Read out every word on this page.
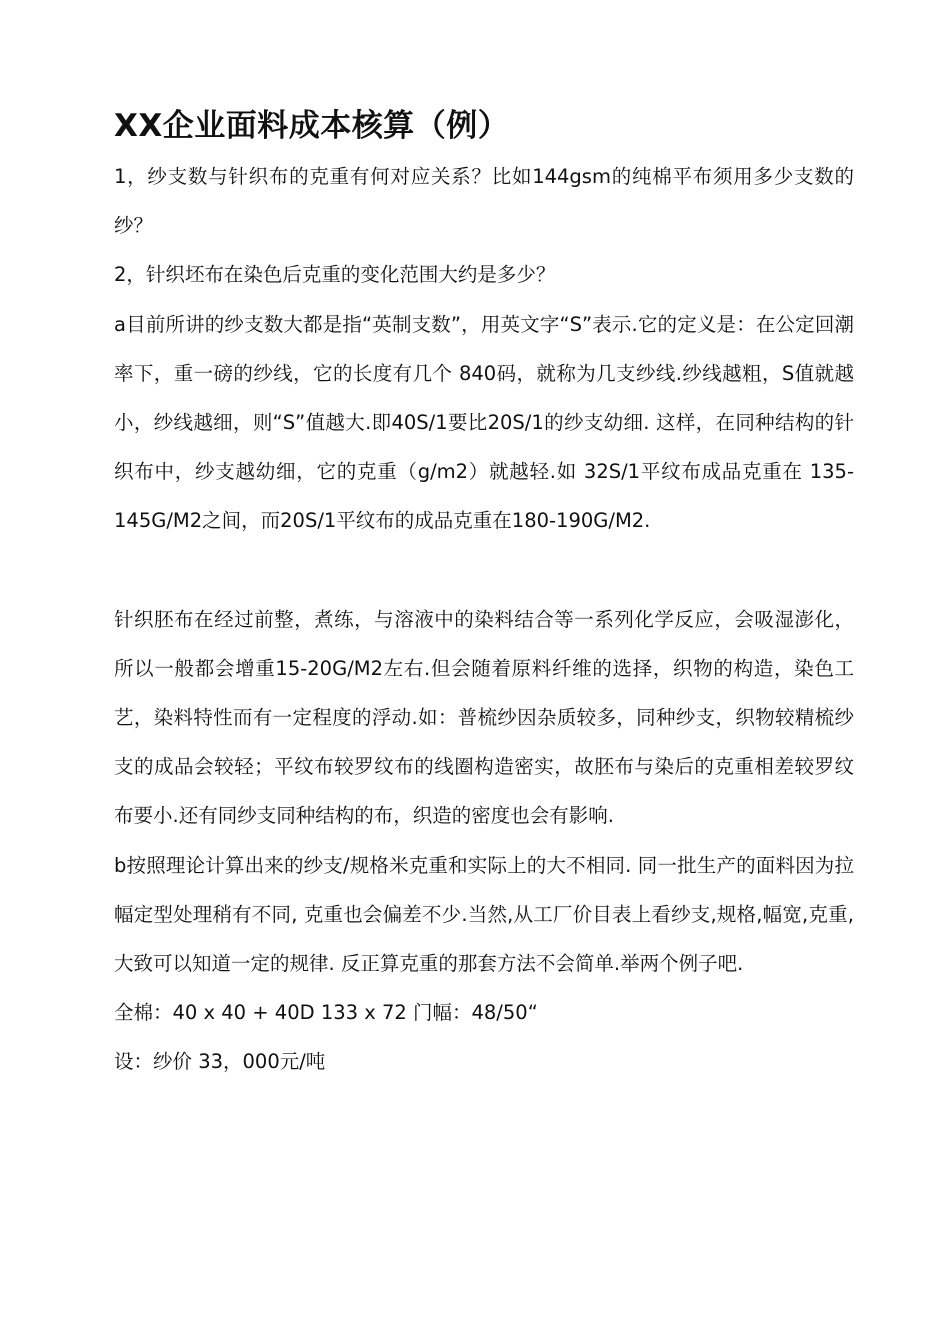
XX企业面料成本核算（例）

1，纱支数与针织布的克重有何对应关系？比如144gsm的纯棉平布须用多少支数的纱？

2，针织坯布在染色后克重的变化范围大约是多少？

a目前所讲的纱支数大都是指“英制支数”，用英文字“S”表示.它的定义是：在公定回潮率下，重一磅的纱线，它的长度有几个 840码，就称为几支纱线.纱线越粗，S值就越小，纱线越细，则“S”值越大.即40S/1要比20S/1的纱支幼细. 这样，在同种结构的针织布中，纱支越幼细，它的克重（g/m2）就越轻.如 32S/1平纹布成品克重在 135-145G/M2之间，而20S/1平纹布的成品克重在180-190G/M2.

针织胚布在经过前整，煮练，与溶液中的染料结合等一系列化学反应，会吸湿澎化，所以一般都会增重15-20G/M2左右.但会随着原料纤维的选择，织物的构造，染色工艺，染料特性而有一定程度的浮动.如：普梳纱因杂质较多，同种纱支，织物较精梳纱支的成品会较轻；平纹布较罗纹布的线圈构造密实，故胚布与染后的克重相差较罗纹布要小.还有同纱支同种结构的布，织造的密度也会有影响.

b按照理论计算出来的纱支/规格米克重和实际上的大不相同. 同一批生产的面料因为拉幅定型处理稍有不同, 克重也会偏差不少.当然,从工厂价目表上看纱支,规格,幅宽,克重, 大致可以知道一定的规律. 反正算克重的那套方法不会简单.举两个例子吧.

全棉：40 x 40 + 40D 133 x 72 门幅：48/50“

设：纱价 33，000元/吨
